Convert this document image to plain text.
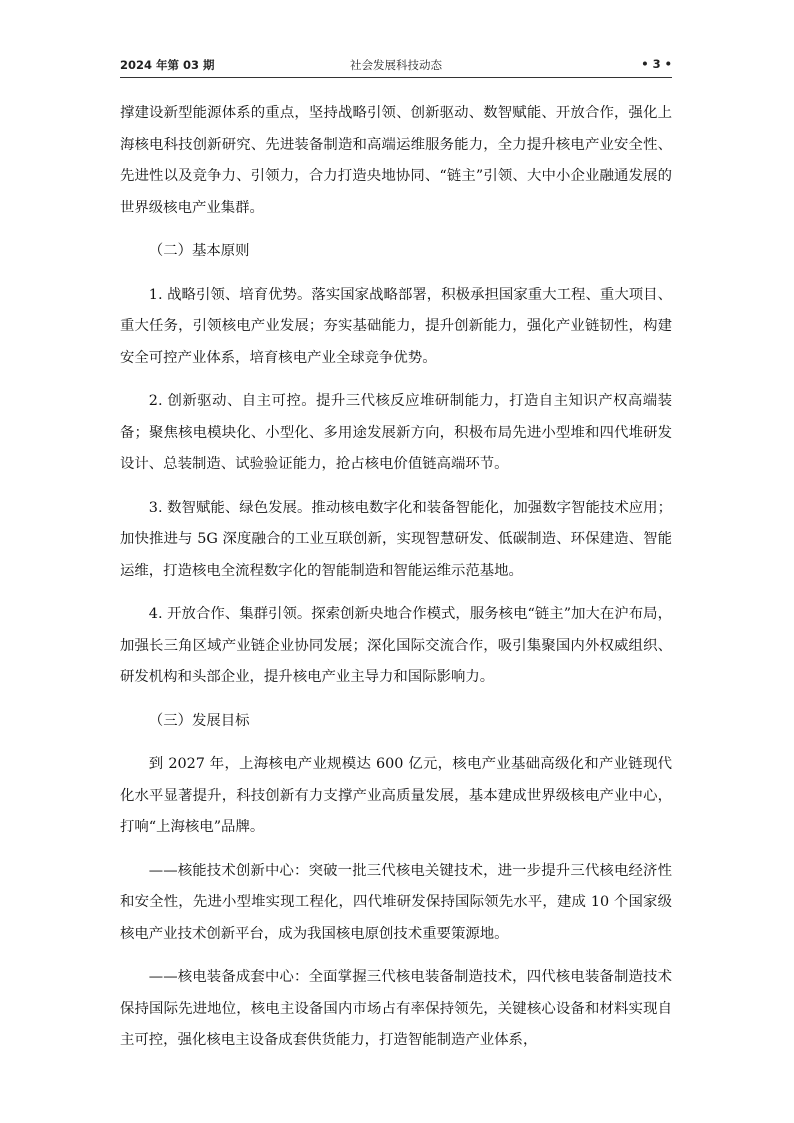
2024 年第 03 期	社会发展科技动态	• 3 •

撑建设新型能源体系的重点，坚持战略引领、创新驱动、数智赋能、开放合作，强化上海核电科技创新研究、先进装备制造和高端运维服务能力，全力提升核电产业安全性、先进性以及竞争力、引领力，合力打造央地协同、“链主”引领、大中小企业融通发展的世界级核电产业集群。

（二）基本原则

1. 战略引领、培育优势。落实国家战略部署，积极承担国家重大工程、重大项目、重大任务，引领核电产业发展；夯实基础能力，提升创新能力，强化产业链韧性，构建安全可控产业体系，培育核电产业全球竞争优势。

2. 创新驱动、自主可控。提升三代核反应堆研制能力，打造自主知识产权高端装备；聚焦核电模块化、小型化、多用途发展新方向，积极布局先进小型堆和四代堆研发设计、总装制造、试验验证能力，抢占核电价值链高端环节。

3. 数智赋能、绿色发展。推动核电数字化和装备智能化，加强数字智能技术应用；加快推进与 5G 深度融合的工业互联创新，实现智慧研发、低碳制造、环保建造、智能运维，打造核电全流程数字化的智能制造和智能运维示范基地。

4. 开放合作、集群引领。探索创新央地合作模式，服务核电“链主”加大在沪布局，加强长三角区域产业链企业协同发展；深化国际交流合作，吸引集聚国内外权威组织、研发机构和头部企业，提升核电产业主导力和国际影响力。

（三）发展目标

到 2027 年，上海核电产业规模达 600 亿元，核电产业基础高级化和产业链现代化水平显著提升，科技创新有力支撑产业高质量发展，基本建成世界级核电产业中心，打响“上海核电”品牌。

——核能技术创新中心：突破一批三代核电关键技术，进一步提升三代核电经济性和安全性，先进小型堆实现工程化，四代堆研发保持国际领先水平，建成 10 个国家级核电产业技术创新平台，成为我国核电原创技术重要策源地。

——核电装备成套中心：全面掌握三代核电装备制造技术，四代核电装备制造技术保持国际先进地位，核电主设备国内市场占有率保持领先，关键核心设备和材料实现自主可控，强化核电主设备成套供货能力，打造智能制造产业体系，
